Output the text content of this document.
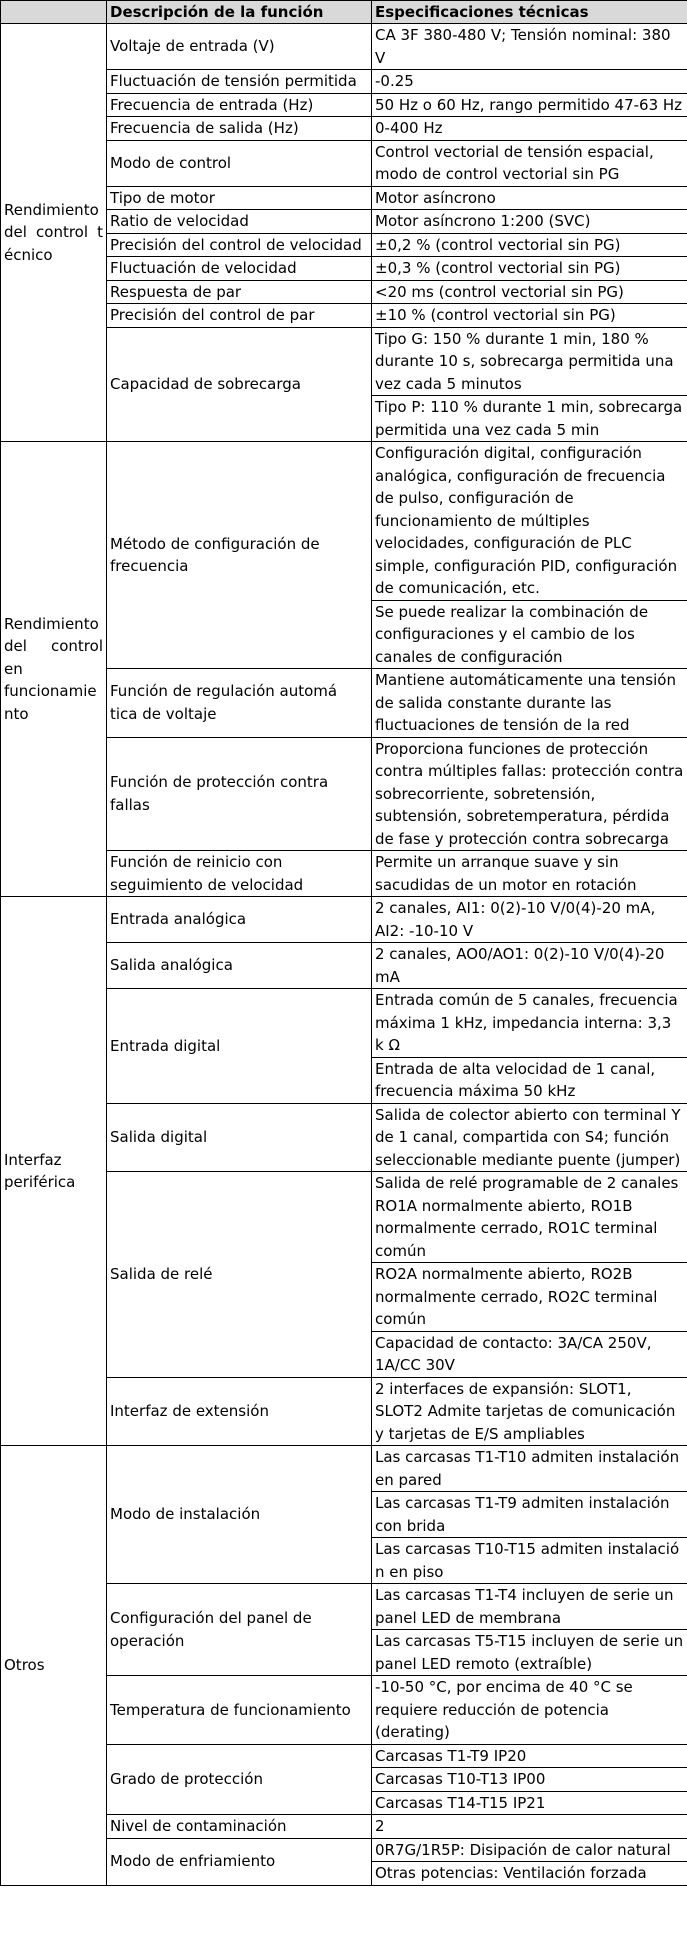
	Descripción de la función	Especificaciones técnicas
Rendimiento del control t écnico	Voltaje de entrada (V)	CA 3F 380-480 V; Tensión nominal: 380 V
	Fluctuación de tensión permitida	-0.25
	Frecuencia de entrada (Hz)	50 Hz o 60 Hz, rango permitido 47-63 Hz
	Frecuencia de salida (Hz)	0-400 Hz
	Modo de control	Control vectorial de tensión espacial, modo de control vectorial sin PG
	Tipo de motor	Motor asíncrono
	Ratio de velocidad	Motor asíncrono 1:200 (SVC)
	Precisión del control de velocidad	±0,2 % (control vectorial sin PG)
	Fluctuación de velocidad	±0,3 % (control vectorial sin PG)
	Respuesta de par	<20 ms (control vectorial sin PG)
	Precisión del control de par	±10 % (control vectorial sin PG)
	Capacidad de sobrecarga	Tipo G: 150 % durante 1 min, 180 % durante 10 s, sobrecarga permitida una vez cada 5 minutos
		Tipo P: 110 % durante 1 min, sobrecarga permitida una vez cada 5 min
Rendimiento del control en funcionamie nto	Método de configuración de frecuencia	Configuración digital, configuración analógica, configuración de frecuencia de pulso, configuración de funcionamiento de múltiples velocidades, configuración de PLC simple, configuración PID, configuración de comunicación, etc.
		Se puede realizar la combinación de configuraciones y el cambio de los canales de configuración
	Función de regulación automá tica de voltaje	Mantiene automáticamente una tensión de salida constante durante las fluctuaciones de tensión de la red
	Función de protección contra fallas	Proporciona funciones de protección contra múltiples fallas: protección contra sobrecorriente, sobretensión, subtensión, sobretemperatura, pérdida de fase y protección contra sobrecarga
	Función de reinicio con seguimiento de velocidad	Permite un arranque suave y sin sacudidas de un motor en rotación
Interfaz periférica	Entrada analógica	2 canales, AI1: 0(2)-10 V/0(4)-20 mA, AI2: -10-10 V
	Salida analógica	2 canales, AO0/AO1: 0(2)-10 V/0(4)-20 mA
	Entrada digital	Entrada común de 5 canales, frecuencia máxima 1 kHz, impedancia interna: 3,3 k Ω
		Entrada de alta velocidad de 1 canal, frecuencia máxima 50 kHz
	Salida digital	Salida de colector abierto con terminal Y de 1 canal, compartida con S4; función seleccionable mediante puente (jumper)
	Salida de relé	Salida de relé programable de 2 canales RO1A normalmente abierto, RO1B normalmente cerrado, RO1C terminal común
		RO2A normalmente abierto, RO2B normalmente cerrado, RO2C terminal común
		Capacidad de contacto: 3A/CA 250V, 1A/CC 30V
	Interfaz de extensión	2 interfaces de expansión: SLOT1, SLOT2 Admite tarjetas de comunicación y tarjetas de E/S ampliables
Otros	Modo de instalación	Las carcasas T1-T10 admiten instalación en pared
		Las carcasas T1-T9 admiten instalación con brida
		Las carcasas T10-T15 admiten instalació n en piso
	Configuración del panel de operación	Las carcasas T1-T4 incluyen de serie un panel LED de membrana
		Las carcasas T5-T15 incluyen de serie un panel LED remoto (extraíble)
	Temperatura de funcionamiento	-10-50 °C, por encima de 40 °C se requiere reducción de potencia (derating)
	Grado de protección	Carcasas T1-T9 IP20
		Carcasas T10-T13 IP00
		Carcasas T14-T15 IP21
	Nivel de contaminación	2
	Modo de enfriamiento	0R7G/1R5P: Disipación de calor natural
		Otras potencias: Ventilación forzada
